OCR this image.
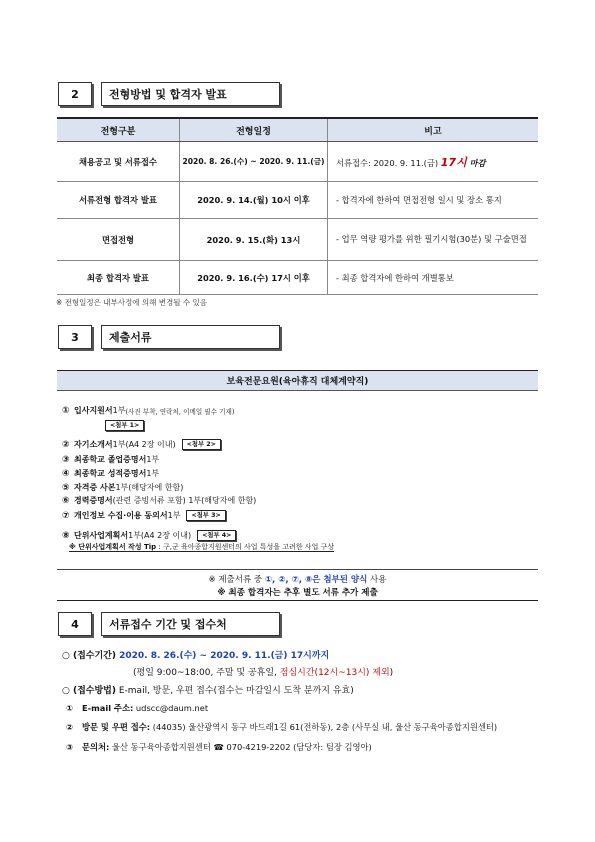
2	전형방법 및 합격자 발표
전형구분	전형일정	비고
채용공고 및 서류접수	2020. 8. 26.(수) ~ 2020. 9. 11.(금)	서류접수: 2020. 9. 11.(금) 17시 마감
서류전형 합격자 발표	2020. 9. 14.(월) 10시 이후	- 합격자에 한하여 면접전형 일시 및 장소 통지
면접전형	2020. 9. 15.(화) 13시	- 업무 역량 평가를 위한 필기시험(30분) 및 구술면접
최종 합격자 발표	2020. 9. 16.(수) 17시 이후	- 최종 합격자에 한하여 개별통보
※ 전형일정은 내부사정에 의해 변경될 수 있음
3	제출서류
보육전문요원(육아휴직 대체계약직)
① 입사지원서 1부 (사진 부착, 연락처, 이메일 필수 기재)
<첨부 1>
② 자기소개서 1부(A4 2장 이내)	<첨부 2>
③ 최종학교 졸업증명서 1부
④ 최종학교 성적증명서 1부
⑤ 자격증 사본 1부(해당자에 한함)
⑥ 경력증명서 (관련 증빙서류 포함) 1부(해당자에 한함)
⑦ 개인정보 수집·이용 동의서 1부	<첨부 3>
⑧ 단위사업계획서 1부(A4 2장 이내)	<첨부 4>
※ 단위사업계획서 작성 Tip : 구,군 육아종합지원센터의 사업 특성을 고려한 사업 구상
※ 제출서류 중 ①, ②, ⑦, ⑧은 첨부된 양식 사용
※ 최종 합격자는 추후 별도 서류 추가 제출
4	서류접수 기간 및 접수처
○ (접수기간) 2020. 8. 26.(수) ~ 2020. 9. 11.(금) 17시까지
(평일 9:00~18:00, 주말 및 공휴일, 점심시간(12시~13시) 제외)
○ (접수방법) E-mail, 방문, 우편 접수(접수는 마감일시 도착 분까지 유효)
① E-mail 주소: udscc@daum.net
② 방문 및 우편 접수: (44035) 울산광역시 동구 바드래1길 61(전하동), 2층 (사무실 내, 울산 동구육아종합지원센터)
③ 문의처: 울산 동구육아종합지원센터 ☎ 070-4219-2202 (담당자: 팀장 김영아)
